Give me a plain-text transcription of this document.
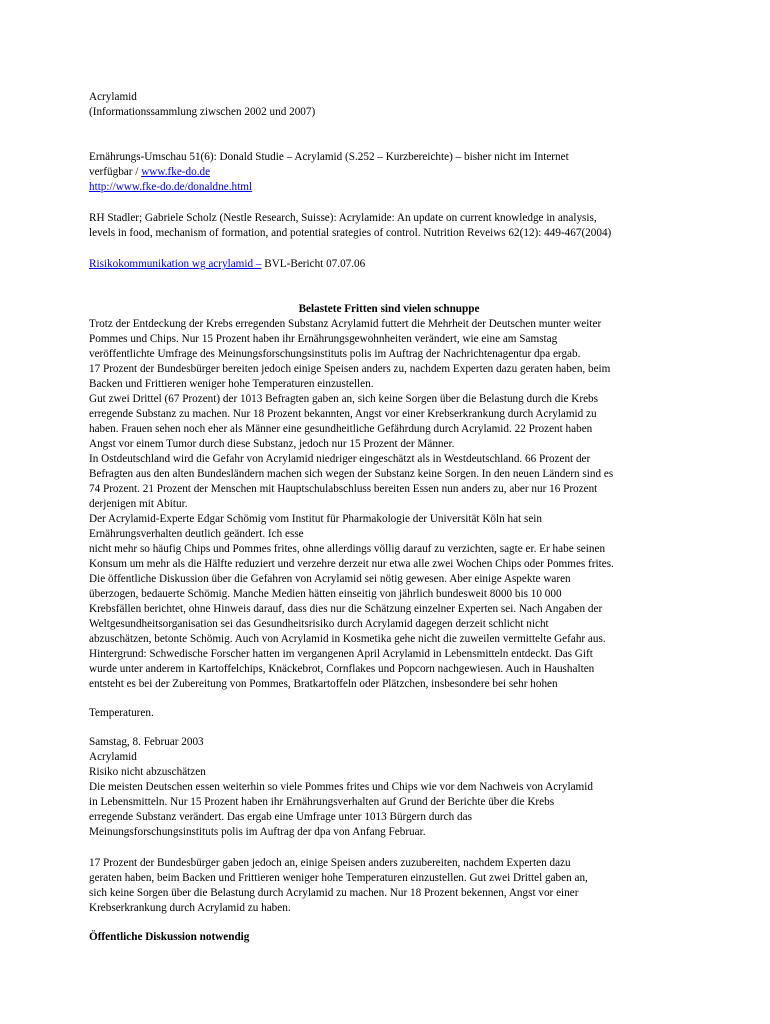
Acrylamid
(Informationssammlung ziwschen 2002 und 2007)

Ernährungs-Umschau 51(6): Donald Studie – Acrylamid (S.252 – Kurzbereichte) – bisher nicht im Internet
verfügbar / www.fke-do.de
http://www.fke-do.de/donaldne.html

RH Stadler; Gabriele Scholz (Nestle Research, Suisse): Acrylamide: An update on current knowledge in analysis,
levels in food, mechanism of formation, and potential srategies of control. Nutrition Reveiws 62(12): 449-467(2004)

Risikokommunikation wg acrylamid – BVL-Bericht 07.07.06

Belastete Fritten sind vielen schnuppe
Trotz der Entdeckung der Krebs erregenden Substanz Acrylamid futtert die Mehrheit der Deutschen munter weiter
Pommes und Chips. Nur 15 Prozent haben ihr Ernährungsgewohnheiten verändert, wie eine am Samstag
veröffentlichte Umfrage des Meinungsforschungsinstituts polis im Auftrag der Nachrichtenagentur dpa ergab.
17 Prozent der Bundesbürger bereiten jedoch einige Speisen anders zu, nachdem Experten dazu geraten haben, beim
Backen und Frittieren weniger hohe Temperaturen einzustellen.
Gut zwei Drittel (67 Prozent) der 1013 Befragten gaben an, sich keine Sorgen über die Belastung durch die Krebs
erregende Substanz zu machen. Nur 18 Prozent bekannten, Angst vor einer Krebserkrankung durch Acrylamid zu
haben. Frauen sehen noch eher als Männer eine gesundheitliche Gefährdung durch Acrylamid. 22 Prozent haben
Angst vor einem Tumor durch diese Substanz, jedoch nur 15 Prozent der Männer.
In Ostdeutschland wird die Gefahr von Acrylamid niedriger eingeschätzt als in Westdeutschland. 66 Prozent der
Befragten aus den alten Bundesländern machen sich wegen der Substanz keine Sorgen. In den neuen Ländern sind es
74 Prozent. 21 Prozent der Menschen mit Hauptschulabschluss bereiten Essen nun anders zu, aber nur 16 Prozent
derjenigen mit Abitur.
Der Acrylamid-Experte Edgar Schömig vom Institut für Pharmakologie der Universität Köln hat sein
Ernährungsverhalten deutlich geändert. Ich esse
nicht mehr so häufig Chips und Pommes frites, ohne allerdings völlig darauf zu verzichten, sagte er. Er habe seinen
Konsum um mehr als die Hälfte reduziert und verzehre derzeit nur etwa alle zwei Wochen Chips oder Pommes frites.
Die öffentliche Diskussion über die Gefahren von Acrylamid sei nötig gewesen. Aber einige Aspekte waren
überzogen, bedauerte Schömig. Manche Medien hätten einseitig von jährlich bundesweit 8000 bis 10 000
Krebsfällen berichtet, ohne Hinweis darauf, dass dies nur die Schätzung einzelner Experten sei. Nach Angaben der
Weltgesundheitsorganisation sei das Gesundheitsrisiko durch Acrylamid dagegen derzeit schlicht nicht
abzuschätzen, betonte Schömig. Auch von Acrylamid in Kosmetika gehe nicht die zuweilen vermittelte Gefahr aus.
Hintergrund: Schwedische Forscher hatten im vergangenen April Acrylamid in Lebensmitteln entdeckt. Das Gift
wurde unter anderem in Kartoffelchips, Knäckebrot, Cornflakes und Popcorn nachgewiesen. Auch in Haushalten
entsteht es bei der Zubereitung von Pommes, Bratkartoffeln oder Plätzchen, insbesondere bei sehr hohen

Temperaturen.

Samstag, 8. Februar 2003
Acrylamid
Risiko nicht abzuschätzen
Die meisten Deutschen essen weiterhin so viele Pommes frites und Chips wie vor dem Nachweis von Acrylamid
in Lebensmitteln. Nur 15 Prozent haben ihr Ernährungsverhalten auf Grund der Berichte über die Krebs
erregende Substanz verändert. Das ergab eine Umfrage unter 1013 Bürgern durch das
Meinungsforschungsinstituts polis im Auftrag der dpa von Anfang Februar.

17 Prozent der Bundesbürger gaben jedoch an, einige Speisen anders zuzubereiten, nachdem Experten dazu
geraten haben, beim Backen und Frittieren weniger hohe Temperaturen einzustellen. Gut zwei Drittel gaben an,
sich keine Sorgen über die Belastung durch Acrylamid zu machen. Nur 18 Prozent bekennen, Angst vor einer
Krebserkrankung durch Acrylamid zu haben.

Öffentliche Diskussion notwendig
